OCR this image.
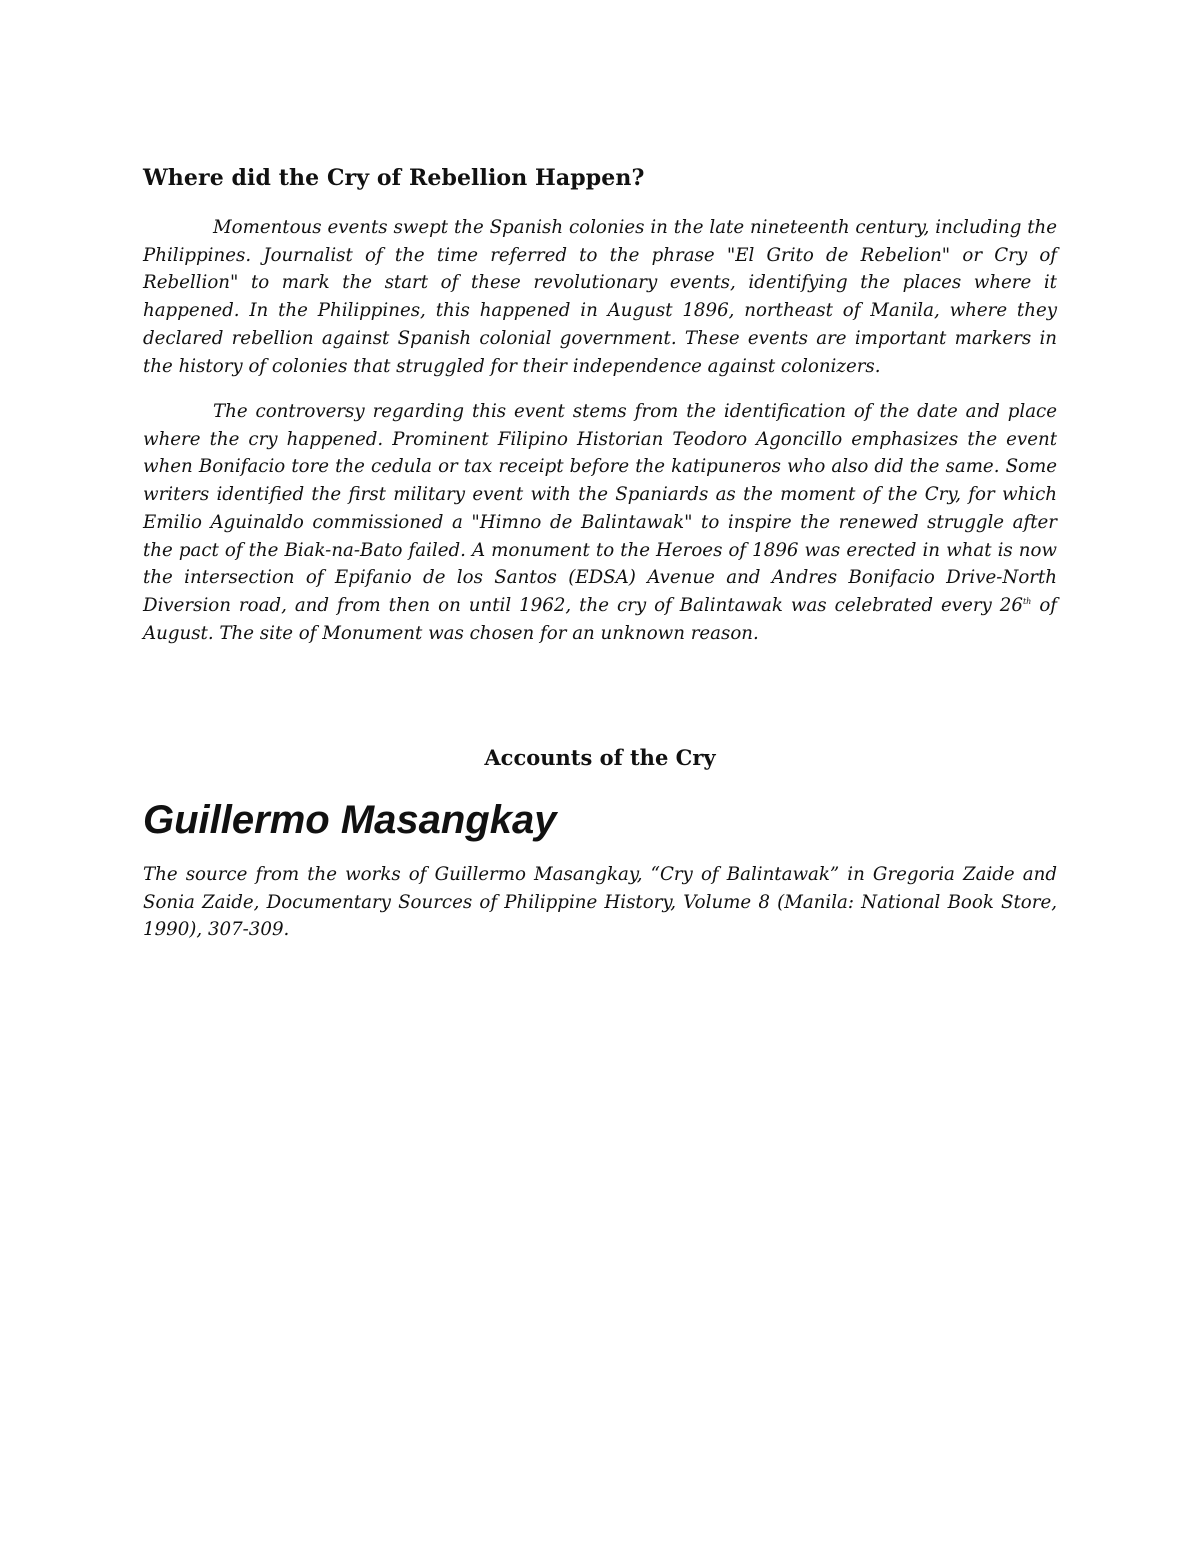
Where did the Cry of Rebellion Happen?

Momentous events swept the Spanish colonies in the late nineteenth century, including the Philippines. Journalist of the time referred to the phrase "El Grito de Rebelion" or Cry of Rebellion" to mark the start of these revolutionary events, identifying the places where it happened. In the Philippines, this happened in August 1896, northeast of Manila, where they declared rebellion against Spanish colonial government. These events are important markers in the history of colonies that struggled for their independence against colonizers.

The controversy regarding this event stems from the identification of the date and place where the cry happened. Prominent Filipino Historian Teodoro Agoncillo emphasizes the event when Bonifacio tore the cedula or tax receipt before the katipuneros who also did the same. Some writers identified the first military event with the Spaniards as the moment of the Cry, for which Emilio Aguinaldo commissioned a "Himno de Balintawak" to inspire the renewed struggle after the pact of the Biak-na-Bato failed. A monument to the Heroes of 1896 was erected in what is now the intersection of Epifanio de los Santos (EDSA) Avenue and Andres Bonifacio Drive-North Diversion road, and from then on until 1962, the cry of Balintawak was celebrated every 26th of August. The site of Monument was chosen for an unknown reason.

Accounts of the Cry
Guillermo Masangkay

The source from the works of Guillermo Masangkay, “Cry of Balintawak” in Gregoria Zaide and Sonia Zaide, Documentary Sources of Philippine History, Volume 8 (Manila: National Book Store, 1990), 307-309.
